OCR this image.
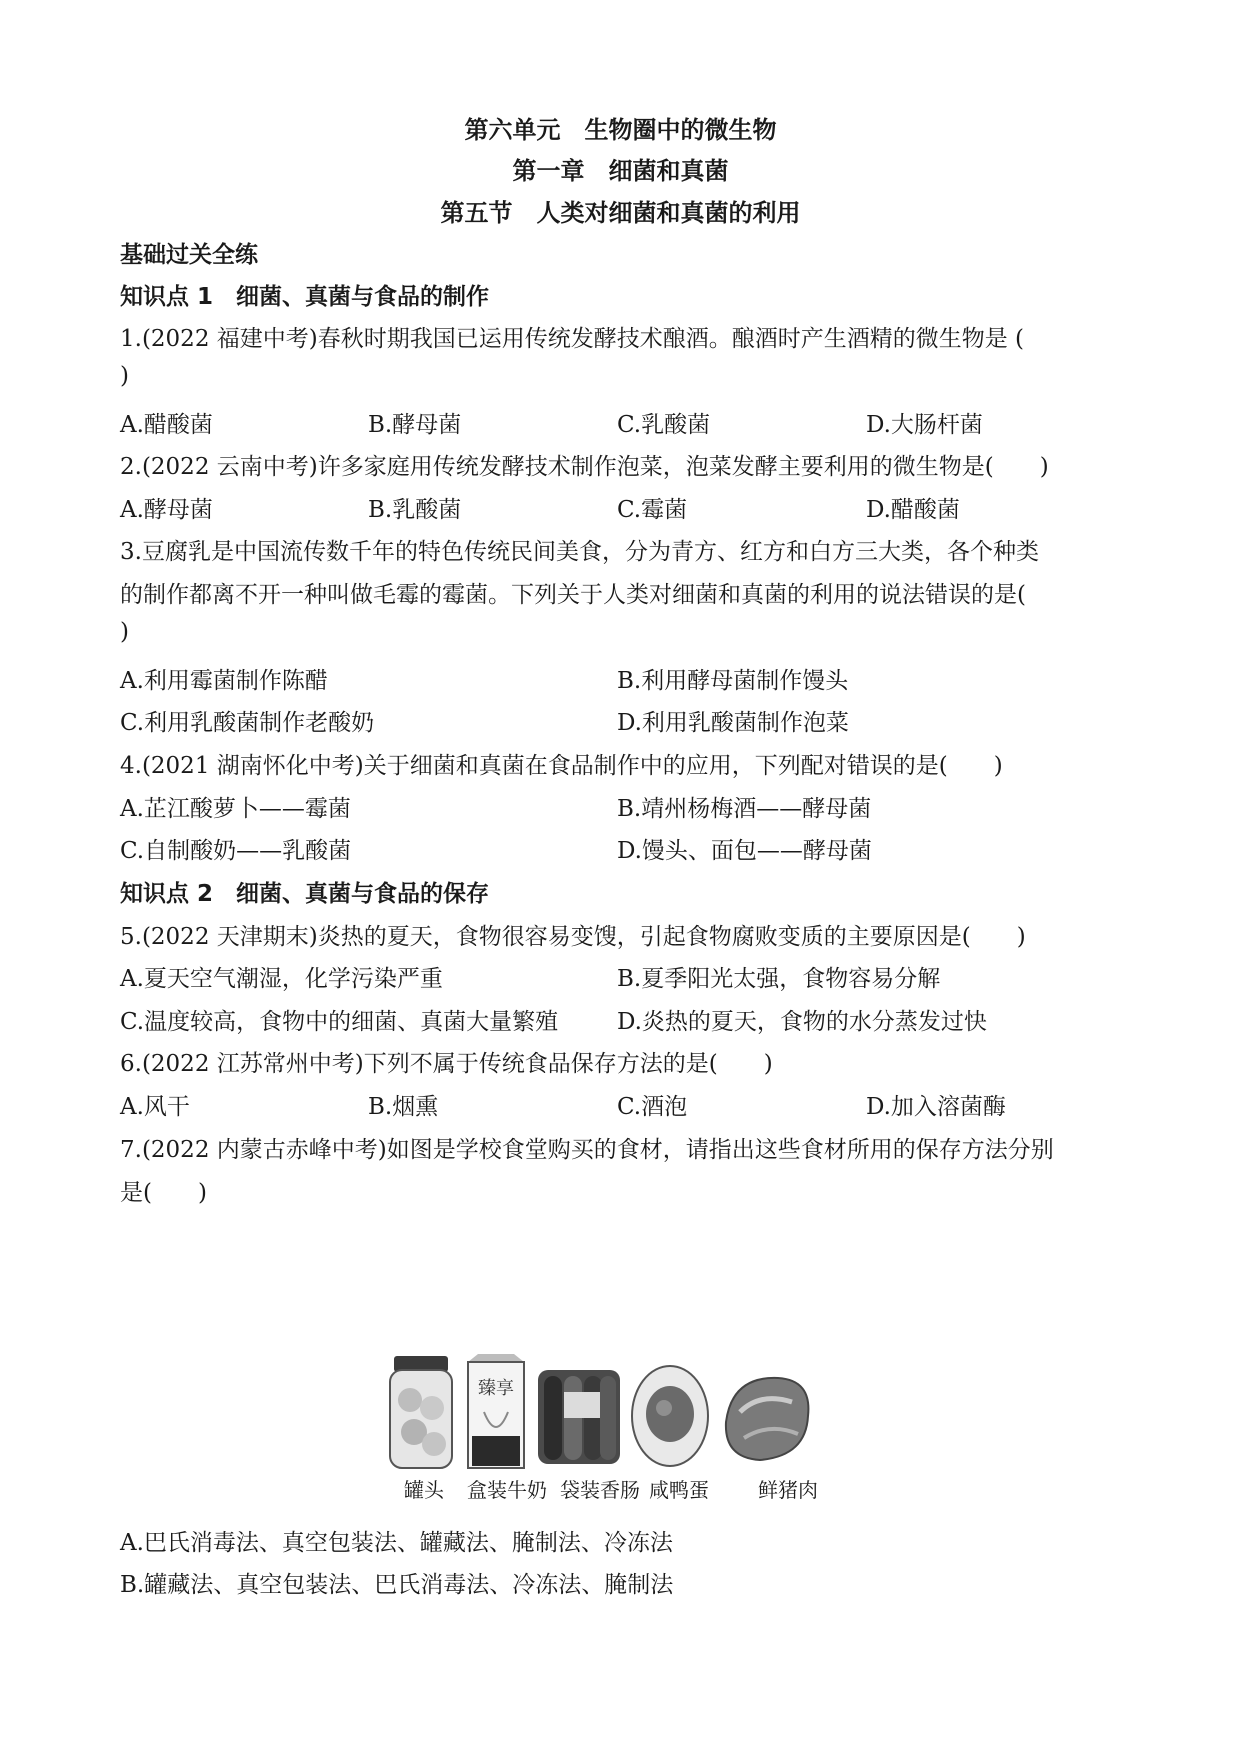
第六单元　生物圈中的微生物
第一章　细菌和真菌
第五节　人类对细菌和真菌的利用
基础过关全练
知识点 1　细菌、真菌与食品的制作
1.(2022 福建中考)春秋时期我国已运用传统发酵技术酿酒。酿酒时产生酒精的微生物是 (
)
A.醋酸菌	B.酵母菌	C.乳酸菌	D.大肠杆菌
2.(2022 云南中考)许多家庭用传统发酵技术制作泡菜，泡菜发酵主要利用的微生物是(　　)
A.酵母菌	B.乳酸菌	C.霉菌	D.醋酸菌
3.豆腐乳是中国流传数千年的特色传统民间美食，分为青方、红方和白方三大类，各个种类
的制作都离不开一种叫做毛霉的霉菌。下列关于人类对细菌和真菌的利用的说法错误的是(
)
A.利用霉菌制作陈醋	B.利用酵母菌制作馒头
C.利用乳酸菌制作老酸奶	D.利用乳酸菌制作泡菜
4.(2021 湖南怀化中考)关于细菌和真菌在食品制作中的应用，下列配对错误的是(　　)
A.芷江酸萝卜——霉菌	B.靖州杨梅酒——酵母菌
C.自制酸奶——乳酸菌	D.馒头、面包——酵母菌
知识点 2　细菌、真菌与食品的保存
5.(2022 天津期末)炎热的夏天，食物很容易变馊，引起食物腐败变质的主要原因是(　　)
A.夏天空气潮湿，化学污染严重	B.夏季阳光太强，食物容易分解
C.温度较高，食物中的细菌、真菌大量繁殖	D.炎热的夏天，食物的水分蒸发过快
6.(2022 江苏常州中考)下列不属于传统食品保存方法的是(　　)
A.风干	B.烟熏	C.酒泡	D.加入溶菌酶
7.(2022 内蒙古赤峰中考)如图是学校食堂购买的食材，请指出这些食材所用的保存方法分别
是(　　)
臻享
罐头 盒装牛奶 袋装香肠 咸鸭蛋 鲜猪肉
A.巴氏消毒法、真空包装法、罐藏法、腌制法、冷冻法
B.罐藏法、真空包装法、巴氏消毒法、冷冻法、腌制法
